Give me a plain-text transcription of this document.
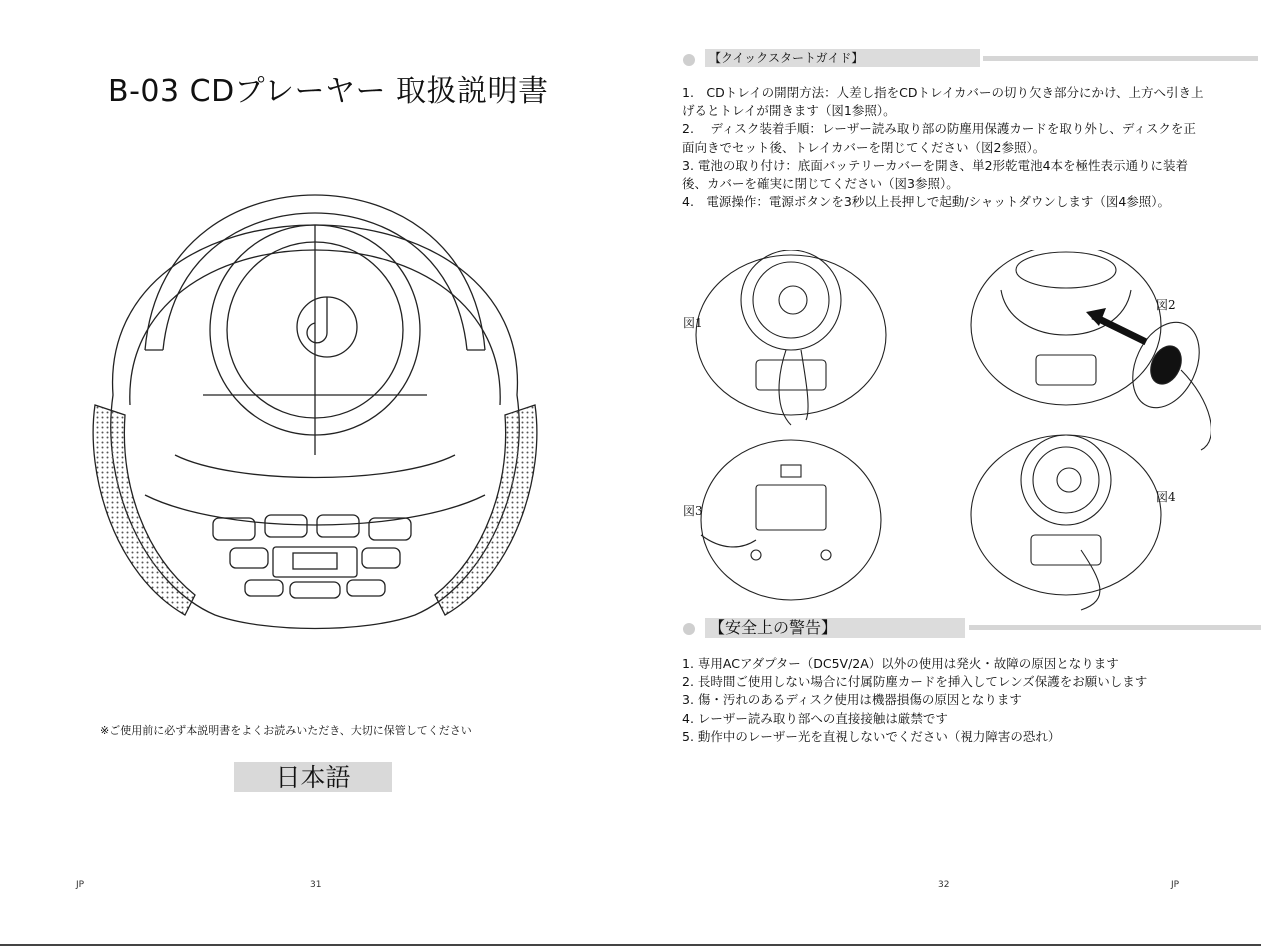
B-03 CDプレーヤー 取扱説明書
※ご使用前に必ず本説明書をよくお読みいただき、大切に保管してください
日本語
JP	31
【クイックスタートガイド】

1.　CDトレイの開閉方法：人差し指をCDトレイカバーの切り欠き部分にかけ、上方へ引き上げるとトレイが開きます（図1参照）。

2.　 ディスク装着手順：レーザー読み取り部の防塵用保護カードを取り外し、ディスクを正面向きでセット後、トレイカバーを閉じてください（図2参照）。

3. 電池の取り付け：底面バッテリーカバーを開き、単2形乾電池4本を極性表示通りに装着後、カバーを確実に閉じてください（図3参照）。

4.　電源操作：電源ボタンを3秒以上長押しで起動/シャットダウンします（図4参照）。

図1
図2
図3
図4
【安全上の警告】

1. 専用ACアダプター（DC5V/2A）以外の使用は発火・故障の原因となります

2. 長時間ご使用しない場合に付属防塵カードを挿入してレンズ保護をお願いします

3. 傷・汚れのあるディスク使用は機器損傷の原因となります

4. レーザー読み取り部への直接接触は厳禁です

5. 動作中のレーザー光を直視しないでください（視力障害の恐れ）

32	JP
